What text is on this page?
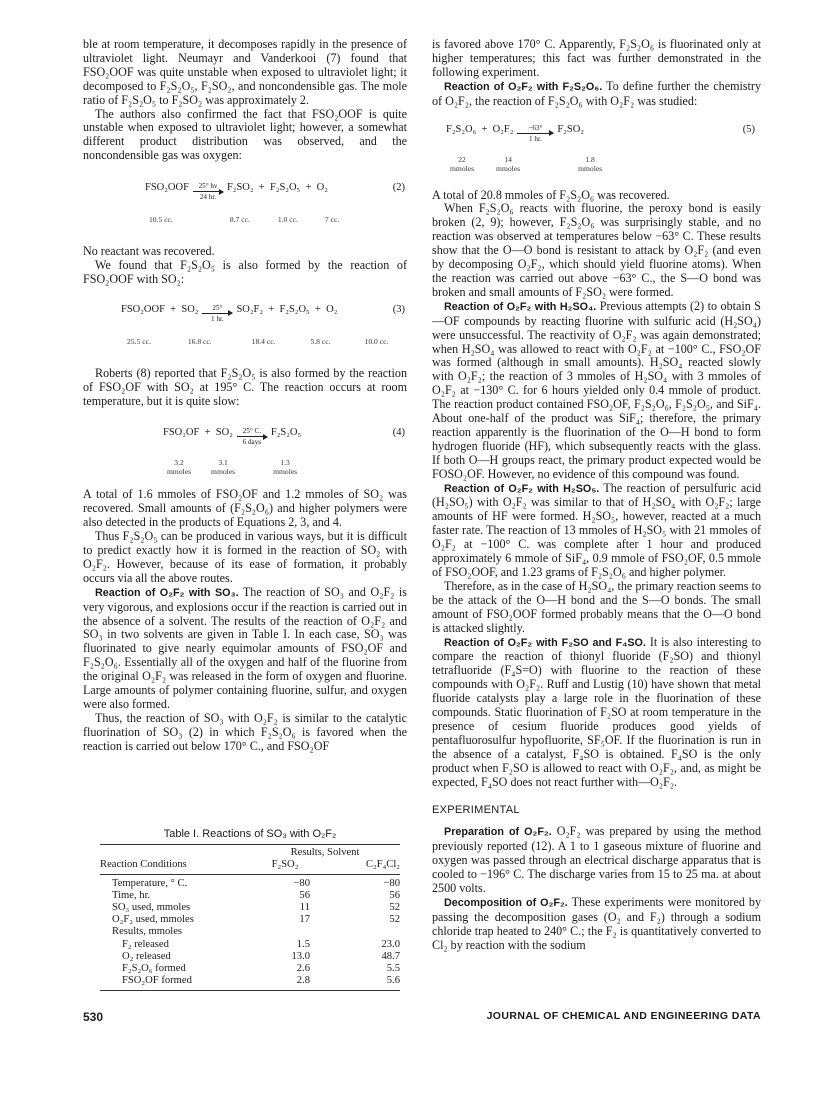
ble at room temperature, it decomposes rapidly in the presence of ultraviolet light. Neumayr and Vanderkooi (7) found that FSO₂OOF was quite unstable when exposed to ultraviolet light; it decomposed to F₂S₂O₅, F₂SO₂, and noncondensible gas. The mole ratio of F₂S₂O₅ to F₂SO₂ was approximately 2.

The authors also confirmed the fact that FSO₂OOF is quite unstable when exposed to ultraviolet light; however, a somewhat different product distribution was observed, and the noncondensible gas was oxygen:

FSO₂OOF 25° hν
24 hr.
F₂SO₂  +  F₂S₂O₅  +  O₂	(2)
10.5 cc.	8.7 cc.	1.0 cc.	7 cc.

No reactant was recovered.

We found that F₂S₂O₅ is also formed by the reaction of FSO₂OOF with SO₂:

FSO₂OOF  +  SO₂ 25°
1 hr.
SO₂F₂  +  F₂S₂O₅  +  O₂	(3)
25.5 cc.	16.8 cc.	18.4 cc.	5.8 cc.	10.0 cc.

Roberts (8) reported that F₂S₂O₅ is also formed by the reaction of FSO₂OF with SO₂ at 195° C. The reaction occurs at room temperature, but it is quite slow:

FSO₂OF  +  SO₂ 25° C.
6 days
F₂S₂O₅	(4)
3.2
mmoles
3.1
mmoles
1.3
mmoles

A total of 1.6 mmoles of FSO₂OF and 1.2 mmoles of SO₂ was recovered. Small amounts of (F₂S₂O₆) and higher polymers were also detected in the products of Equations 2, 3, and 4.

Thus F₂S₂O₅ can be produced in various ways, but it is difficult to predict exactly how it is formed in the reaction of SO₂ with O₂F₂. However, because of its ease of formation, it probably occurs via all the above routes.

Reaction of O₂F₂ with SO₃. The reaction of SO₃ and O₂F₂ is very vigorous, and explosions occur if the reaction is carried out in the absence of a solvent. The results of the reaction of O₂F₂ and SO₃ in two solvents are given in Table I. In each case, SO₃ was fluorinated to give nearly equimolar amounts of FSO₂OF and F₂S₂O₆. Essentially all of the oxygen and half of the fluorine from the original O₂F₂ was released in the form of oxygen and fluorine. Large amounts of polymer containing fluorine, sulfur, and oxygen were also formed.

Thus, the reaction of SO₃ with O₂F₂ is similar to the catalytic fluorination of SO₃ (2) in which F₂S₂O₆ is favored when the reaction is carried out below 170° C., and FSO₂OF

Table I. Reactions of SO₃ with O₂F₂
Results, Solvent
Reaction Conditions	F₂SO₂	C₂F₄Cl₂
Temperature, ° C.	−80	−80
Time, hr.	56	56
SO₃ used, mmoles	11	52
O₂F₂ used, mmoles	17	52
Results, mmoles
F₂ released	1.5	23.0
O₂ released	13.0	48.7
F₂S₂O₆ formed	2.6	5.5
FSO₂OF formed	2.8	5.6

is favored above 170° C. Apparently, F₂S₂O₆ is fluorinated only at higher temperatures; this fact was further demonstrated in the following experiment.

Reaction of O₂F₂ with F₂S₂O₆. To define further the chemistry of O₂F₂, the reaction of F₂S₂O₆ with O₂F₂ was studied:

F₂S₂O₆  +  O₂F₂ −63°
1 hr.
F₂SO₂	(5)
22
mmoles
14
mmoles
1.8
mmoles

A total of 20.8 mmoles of F₂S₂O₆ was recovered.

When F₂S₂O₆ reacts with fluorine, the peroxy bond is easily broken (2, 9); however, F₂S₂O₆ was surprisingly stable, and no reaction was observed at temperatures below −63° C. These results show that the O—O bond is resistant to attack by O₂F₂ (and even by decomposing O₂F₂, which should yield fluorine atoms). When the reaction was carried out above −63° C., the S—O bond was broken and small amounts of F₂SO₂ were formed.

Reaction of O₂F₂ with H₂SO₄. Previous attempts (2) to obtain S—OF compounds by reacting fluorine with sulfuric acid (H₂SO₄) were unsuccessful. The reactivity of O₂F₂ was again demonstrated; when H₂SO₄ was allowed to react with O₂F₂ at −100° C., FSO₂OF was formed (although in small amounts). H₂SO₄ reacted slowly with O₂F₂; the reaction of 3 mmoles of H₂SO₄ with 3 mmoles of O₂F₂ at −130° C. for 6 hours yielded only 0.4 mmole of product. The reaction product contained FSO₂OF, F₂S₂O₆, F₂S₂O₅, and SiF₄. About one-half of the product was SiF₄; therefore, the primary reaction apparently is the fluorination of the O—H bond to form hydrogen fluoride (HF), which subsequently reacts with the glass. If both O—H groups react, the primary product expected would be FOSO₂OF. However, no evidence of this compound was found.

Reaction of O₂F₂ with H₂SO₅. The reaction of persulfuric acid (H₂SO₅) with O₂F₂ was similar to that of H₂SO₄ with O₂F₂; large amounts of HF were formed. H₂SO₅, however, reacted at a much faster rate. The reaction of 13 mmoles of H₂SO₅ with 21 mmoles of O₂F₂ at −100° C. was complete after 1 hour and produced approximately 6 mmole of SiF₄, 0.9 mmole of FSO₂OF, 0.5 mmole of FSO₂OOF, and 1.23 grams of F₂S₂O₆ and higher polymer.

Therefore, as in the case of H₂SO₄, the primary reaction seems to be the attack of the O—H bond and the S—O bonds. The small amount of FSO₂OOF formed probably means that the O—O bond is attacked slightly.

Reaction of O₂F₂ with F₂SO and F₄SO. It is also interesting to compare the reaction of thionyl fluoride (F₂SO) and thionyl tetrafluoride (F₄S=O) with fluorine to the reaction of these compounds with O₂F₂. Ruff and Lustig (10) have shown that metal fluoride catalysts play a large role in the fluorination of these compounds. Static fluorination of F₂SO at room temperature in the presence of cesium fluoride produces good yields of pentafluorosulfur hypofluorite, SF₅OF. If the fluorination is run in the absence of a catalyst, F₄SO is obtained. F₄SO is the only product when F₂SO is allowed to react with O₂F₂, and, as might be expected, F₄SO does not react further with—O₂F₂.

EXPERIMENTAL

Preparation of O₂F₂. O₂F₂ was prepared by using the method previously reported (12). A 1 to 1 gaseous mixture of fluorine and oxygen was passed through an electrical discharge apparatus that is cooled to −196° C. The discharge varies from 15 to 25 ma. at about 2500 volts.

Decomposition of O₂F₂. These experiments were monitored by passing the decomposition gases (O₂ and F₂) through a sodium chloride trap heated to 240° C.; the F₂ is quantitatively converted to Cl₂ by reaction with the sodium

530	JOURNAL OF CHEMICAL AND ENGINEERING DATA
